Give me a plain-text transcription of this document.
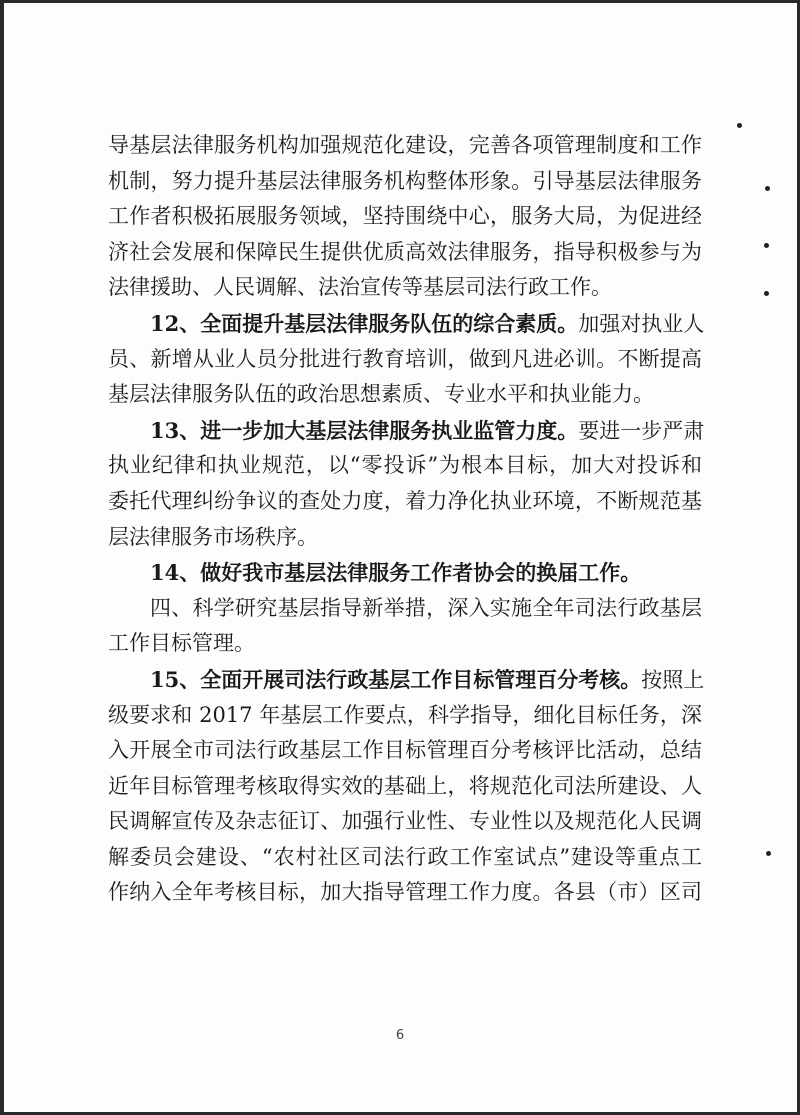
导基层法律服务机构加强规范化建设，完善各项管理制度和工作
机制，努力提升基层法律服务机构整体形象。引导基层法律服务
工作者积极拓展服务领域，坚持围绕中心，服务大局，为促进经
济社会发展和保障民生提供优质高效法律服务，指导积极参与为
法律援助、人民调解、法治宣传等基层司法行政工作。
12、全面提升基层法律服务队伍的综合素质。加强对执业人
员、新增从业人员分批进行教育培训，做到凡进必训。不断提高
基层法律服务队伍的政治思想素质、专业水平和执业能力。
13、进一步加大基层法律服务执业监管力度。要进一步严肃
执业纪律和执业规范，以“零投诉”为根本目标，加大对投诉和
委托代理纠纷争议的查处力度，着力净化执业环境，不断规范基
层法律服务市场秩序。
14、做好我市基层法律服务工作者协会的换届工作。
四、科学研究基层指导新举措，深入实施全年司法行政基层
工作目标管理。
15、全面开展司法行政基层工作目标管理百分考核。按照上
级要求和 2017 年基层工作要点，科学指导，细化目标任务，深
入开展全市司法行政基层工作目标管理百分考核评比活动，总结
近年目标管理考核取得实效的基础上，将规范化司法所建设、人
民调解宣传及杂志征订、加强行业性、专业性以及规范化人民调
解委员会建设、“农村社区司法行政工作室试点”建设等重点工
作纳入全年考核目标，加大指导管理工作力度。各县（市）区司
6
